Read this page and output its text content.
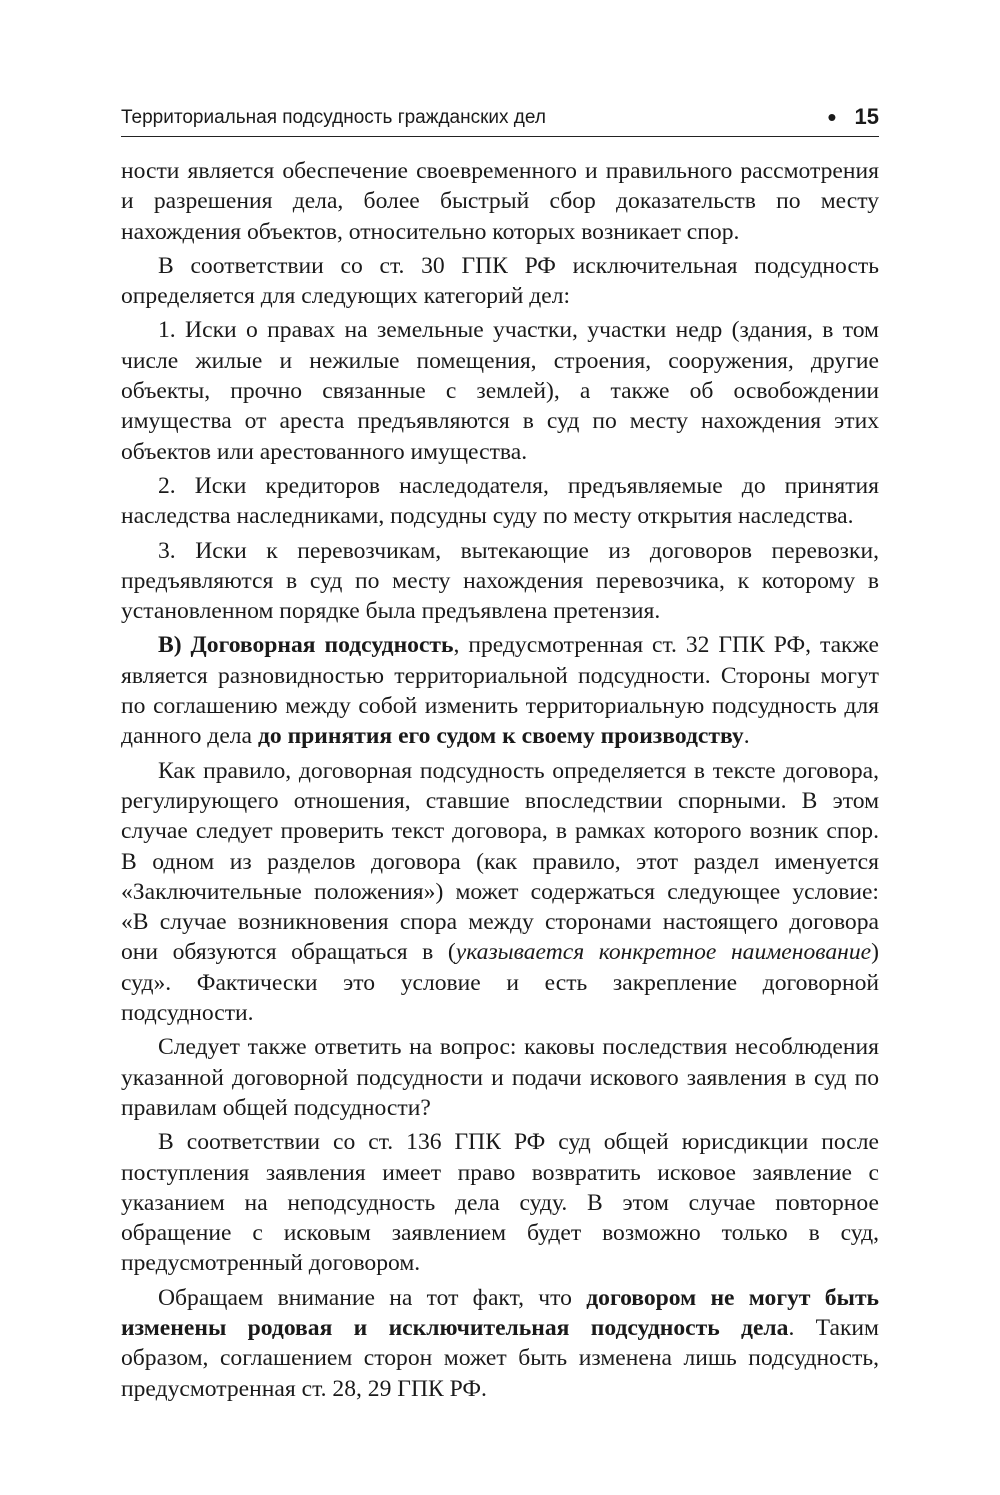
Территориальная подсудность гражданских дел	• 15

ности является обеспечение своевременного и правильного рассмотрения и разрешения дела, более быстрый сбор доказательств по месту нахождения объектов, относительно которых возникает спор.

В соответствии со ст. 30 ГПК РФ исключительная подсудность определяется для следующих категорий дел:

1. Иски о правах на земельные участки, участки недр (здания, в том числе жилые и нежилые помещения, строения, сооружения, другие объекты, прочно связанные с землей), а также об освобождении имущества от ареста предъявляются в суд по месту нахождения этих объектов или арестованного имущества.

2. Иски кредиторов наследодателя, предъявляемые до принятия наследства наследниками, подсудны суду по месту открытия наследства.

3. Иски к перевозчикам, вытекающие из договоров перевозки, предъявляются в суд по месту нахождения перевозчика, к которому в установленном порядке была предъявлена претензия.

В) Договорная подсудность, предусмотренная ст. 32 ГПК РФ, также является разновидностью территориальной подсудности. Стороны могут по соглашению между собой изменить территориальную подсудность для данного дела до принятия его судом к своему производству.

Как правило, договорная подсудность определяется в тексте договора, регулирующего отношения, ставшие впоследствии спорными. В этом случае следует проверить текст договора, в рамках которого возник спор. В одном из разделов договора (как правило, этот раздел именуется «Заключительные положения») может содержаться следующее условие: «В случае возникновения спора между сторонами настоящего договора они обязуются обращаться в (указывается конкретное наименование) суд». Фактически это условие и есть закрепление договорной подсудности.

Следует также ответить на вопрос: каковы последствия несоблюдения указанной договорной подсудности и подачи искового заявления в суд по правилам общей подсудности?

В соответствии со ст. 136 ГПК РФ суд общей юрисдикции после поступления заявления имеет право возвратить исковое заявление с указанием на неподсудность дела суду. В этом случае повторное обращение с исковым заявлением будет возможно только в суд, предусмотренный договором.

Обращаем внимание на тот факт, что договором не могут быть изменены родовая и исключительная подсудность дела. Таким образом, соглашением сторон может быть изменена лишь подсудность, предусмотренная ст. 28, 29 ГПК РФ.
